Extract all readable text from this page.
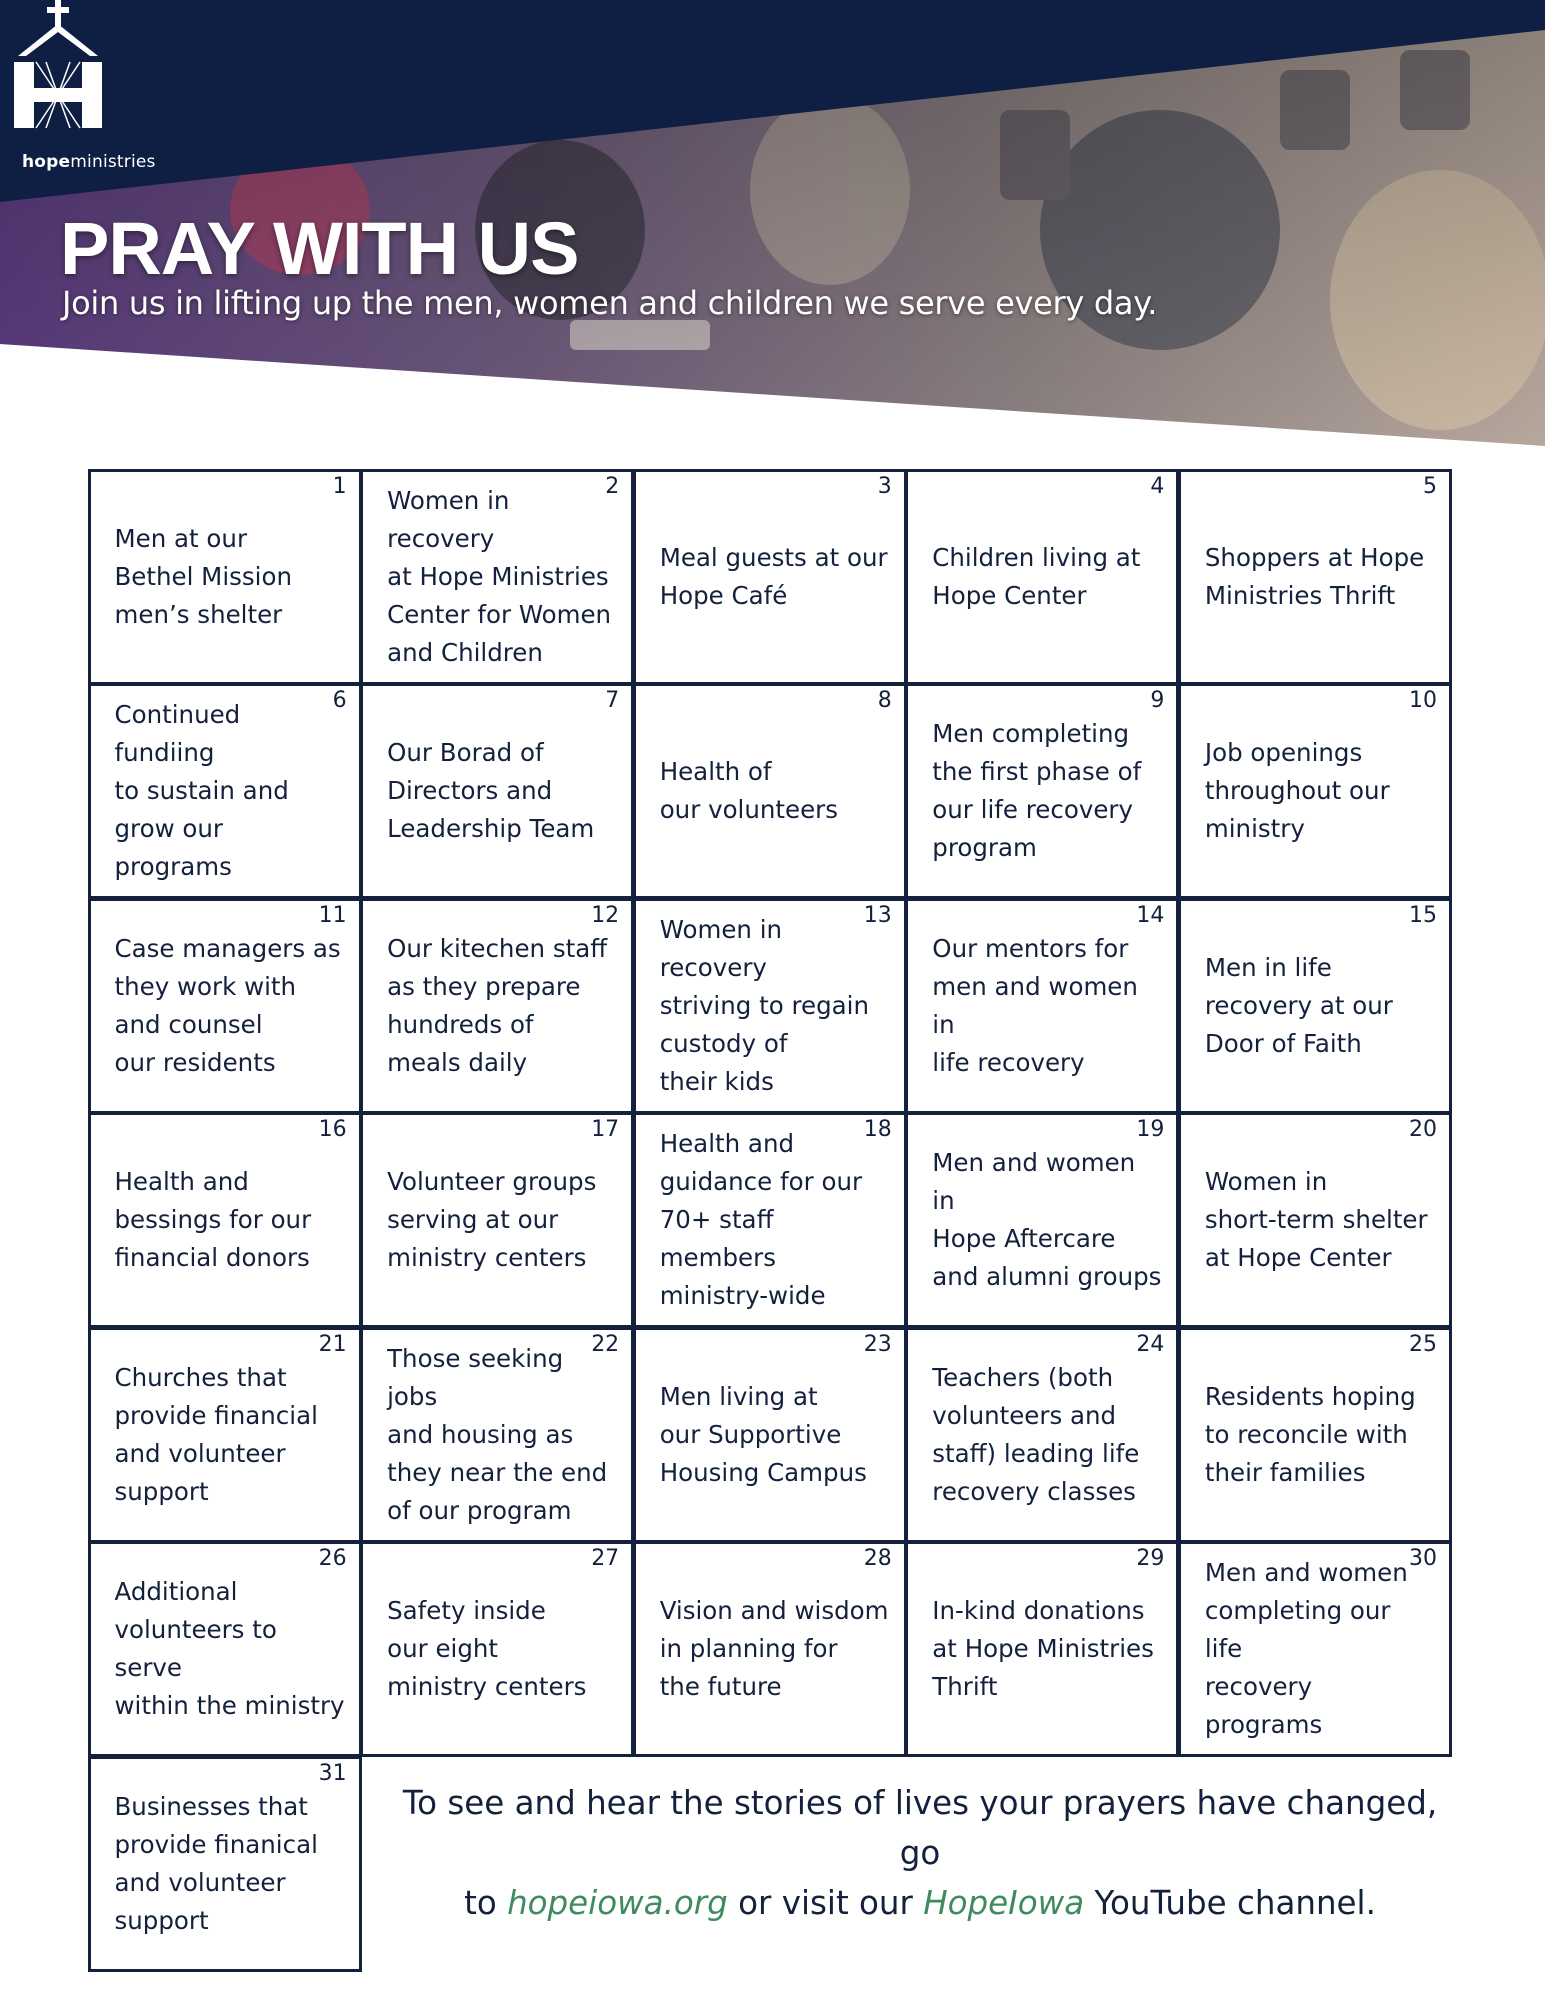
hopeministries
PRAY WITH US

Join us in lifting up the men, women and children we serve every day.

1
Men at our
Bethel Mission
men’s shelter
2
Women in recovery
at Hope Ministries
Center for Women
and Children
3
Meal guests at our
Hope Café
4
Children living at
Hope Center
5
Shoppers at Hope
Ministries Thrift
6
Continued fundiing
to sustain and
grow our programs
7
Our Borad of
Directors and
Leadership Team
8
Health of
our volunteers
9
Men completing
the first phase of
our life recovery
program
10
Job openings
throughout our
ministry
11
Case managers as
they work with
and counsel
our residents
12
Our kitechen staff
as they prepare
hundreds of
meals daily
13
Women in recovery
striving to regain
custody of
their kids
14
Our mentors for
men and women in
life recovery
15
Men in life
recovery at our
Door of Faith
16
Health and
bessings for our
financial donors
17
Volunteer groups
serving at our
ministry centers
18
Health and
guidance for our
70+ staff members
ministry-wide
19
Men and women in
Hope Aftercare
and alumni groups
20
Women in
short-term shelter
at Hope Center
21
Churches that
provide financial
and volunteer
support
22
Those seeking jobs
and housing as
they near the end
of our program
23
Men living at
our Supportive
Housing Campus
24
Teachers (both
volunteers and
staff) leading life
recovery classes
25
Residents hoping
to reconcile with
their families
26
Additional
volunteers to serve
within the ministry
27
Safety inside
our eight
ministry centers
28
Vision and wisdom
in planning for
the future
29
In-kind donations
at Hope Ministries
Thrift
30
Men and women
completing our life
recovery programs
31
Businesses that
provide finanical
and volunteer
support

To see and hear the stories of lives your prayers have changed, go
to hopeiowa.org or visit our HopeIowa YouTube channel.
